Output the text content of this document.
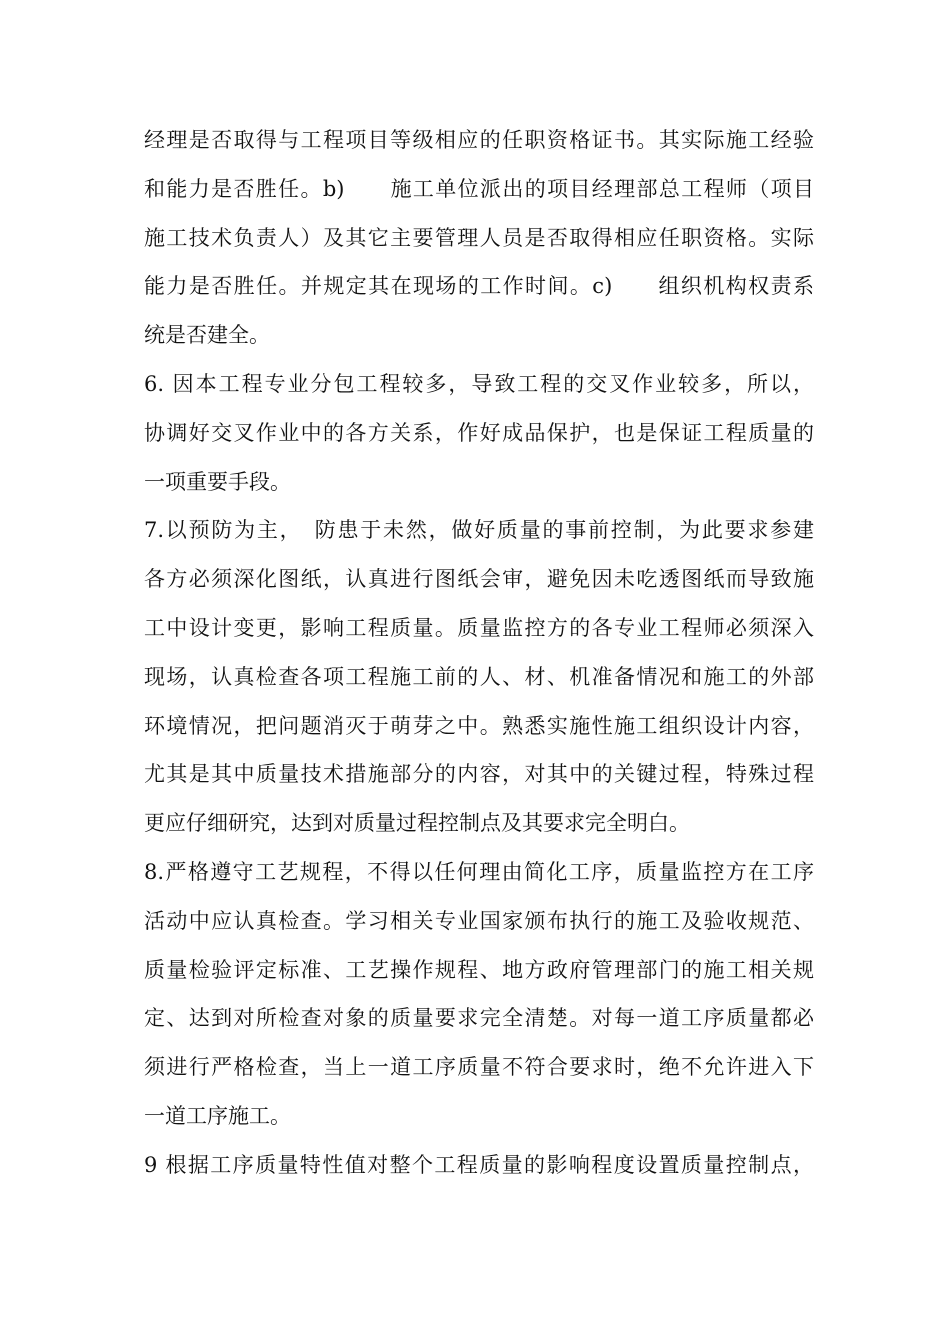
经理是否取得与工程项目等级相应的任职资格证书。其实际施工经验
和能力是否胜任。b)　　施工单位派出的项目经理部总工程师（项目
施工技术负责人）及其它主要管理人员是否取得相应任职资格。实际
能力是否胜任。并规定其在现场的工作时间。c)　　组织机构权责系
统是否建全。
6. 因本工程专业分包工程较多，导致工程的交叉作业较多，所以，
协调好交叉作业中的各方关系，作好成品保护，也是保证工程质量的
一项重要手段。
7.以预防为主，　防患于未然，做好质量的事前控制，为此要求参建
各方必须深化图纸，认真进行图纸会审，避免因未吃透图纸而导致施
工中设计变更，影响工程质量。质量监控方的各专业工程师必须深入
现场，认真检查各项工程施工前的人、材、机准备情况和施工的外部
环境情况，把问题消灭于萌芽之中。熟悉实施性施工组织设计内容，
尤其是其中质量技术措施部分的内容，对其中的关键过程，特殊过程
更应仔细研究，达到对质量过程控制点及其要求完全明白。
8.严格遵守工艺规程，不得以任何理由简化工序，质量监控方在工序
活动中应认真检查。学习相关专业国家颁布执行的施工及验收规范、
质量检验评定标准、工艺操作规程、地方政府管理部门的施工相关规
定、达到对所检查对象的质量要求完全清楚。对每一道工序质量都必
须进行严格检查，当上一道工序质量不符合要求时，绝不允许进入下
一道工序施工。
9 根据工序质量特性值对整个工程质量的影响程度设置质量控制点，
